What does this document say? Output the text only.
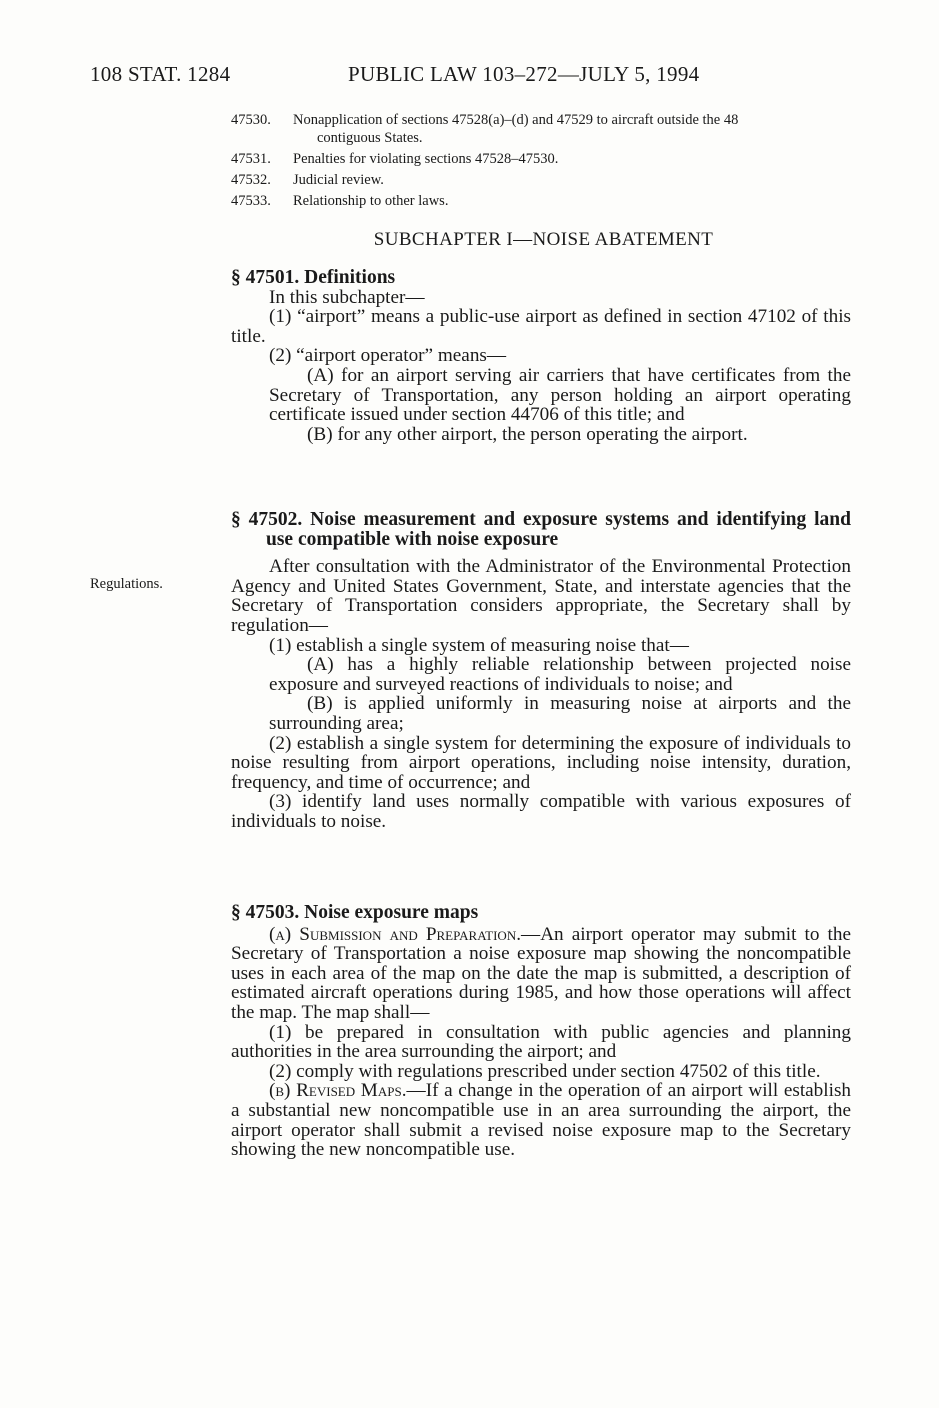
108 STAT. 1284	PUBLIC LAW 103–272—JULY 5, 1994
47530.	Nonapplication of sections 47528(a)–(d) and 47529 to aircraft outside the 48
contiguous States.
47531.	Penalties for violating sections 47528–47530.
47532.	Judicial review.
47533.	Relationship to other laws.
SUBCHAPTER I—NOISE ABATEMENT
Regulations.
§ 47501. Definitions

In this subchapter—

(1) “airport” means a public-use airport as defined in section 47102 of this title.

(2) “airport operator” means—

(A) for an airport serving air carriers that have certificates from the Secretary of Transportation, any person holding an airport operating certificate issued under section 44706 of this title; and

(B) for any other airport, the person operating the airport.

§ 47502. Noise measurement and exposure systems and identifying land use compatible with noise exposure

After consultation with the Administrator of the Environmental Protection Agency and United States Government, State, and interstate agencies that the Secretary of Transportation considers appropriate, the Secretary shall by regulation—

(1) establish a single system of measuring noise that—

(A) has a highly reliable relationship between projected noise exposure and surveyed reactions of individuals to noise; and

(B) is applied uniformly in measuring noise at airports and the surrounding area;

(2) establish a single system for determining the exposure of individuals to noise resulting from airport operations, including noise intensity, duration, frequency, and time of occurrence; and

(3) identify land uses normally compatible with various exposures of individuals to noise.

§ 47503. Noise exposure maps

(a) Submission and Preparation.—An airport operator may submit to the Secretary of Transportation a noise exposure map showing the noncompatible uses in each area of the map on the date the map is submitted, a description of estimated aircraft operations during 1985, and how those operations will affect the map. The map shall—

(1) be prepared in consultation with public agencies and planning authorities in the area surrounding the airport; and

(2) comply with regulations prescribed under section 47502 of this title.

(b) Revised Maps.—If a change in the operation of an airport will establish a substantial new noncompatible use in an area surrounding the airport, the airport operator shall submit a revised noise exposure map to the Secretary showing the new noncompatible use.
